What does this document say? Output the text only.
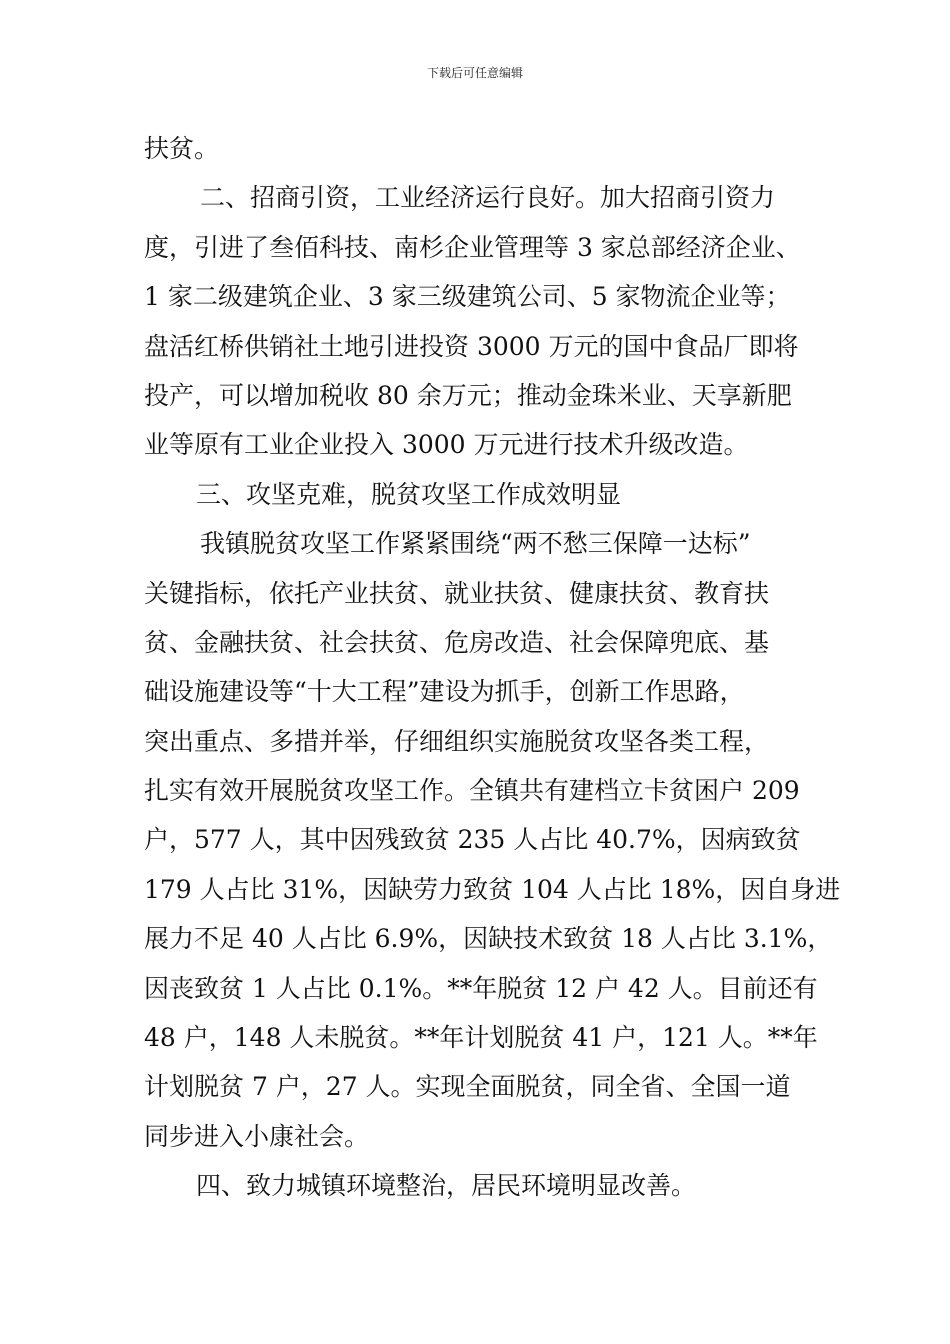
下载后可任意编辑
扶贫。
二、招商引资，工业经济运行良好。加大招商引资力
度，引进了叁佰科技、南杉企业管理等 3 家总部经济企业、
1 家二级建筑企业、3 家三级建筑公司、5 家物流企业等；
盘活红桥供销社土地引进投资 3000 万元的国中食品厂即将
投产，可以增加税收 80 余万元；推动金珠米业、天享新肥
业等原有工业企业投入 3000 万元进行技术升级改造。
三、攻坚克难，脱贫攻坚工作成效明显
我镇脱贫攻坚工作紧紧围绕“两不愁三保障一达标”
关键指标，依托产业扶贫、就业扶贫、健康扶贫、教育扶
贫、金融扶贫、社会扶贫、危房改造、社会保障兜底、基
础设施建设等“十大工程”建设为抓手，创新工作思路，
突出重点、多措并举，仔细组织实施脱贫攻坚各类工程，
扎实有效开展脱贫攻坚工作。全镇共有建档立卡贫困户 209
户，577 人，其中因残致贫 235 人占比 40.7%，因病致贫
179 人占比 31%，因缺劳力致贫 104 人占比 18%，因自身进
展力不足 40 人占比 6.9%，因缺技术致贫 18 人占比 3.1%，
因丧致贫 1 人占比 0.1%。**年脱贫 12 户 42 人。目前还有
48 户，148 人未脱贫。**年计划脱贫 41 户，121 人。**年
计划脱贫 7 户，27 人。实现全面脱贫，同全省、全国一道
同步进入小康社会。
四、致力城镇环境整治，居民环境明显改善。
